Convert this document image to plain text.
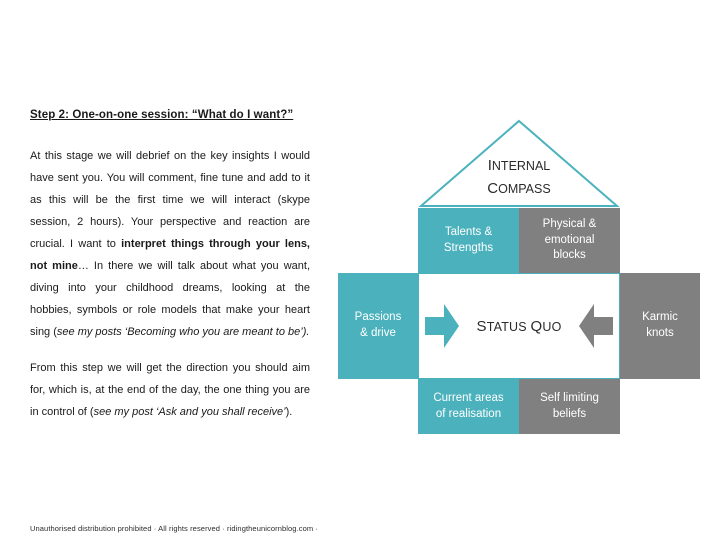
Step 2: One-on-one session: “What do I want?”

At this stage we will debrief on the key insights I would have sent you. You will comment, fine tune and add to it as this will be the first time we will interact (skype session, 2 hours). Your perspective and reaction are crucial. I want to interpret things through your lens, not mine… In there we will talk about what you want, diving into your childhood dreams, looking at the hobbies, symbols or role models that make your heart sing (see my posts ‘Becoming who you are meant to be’).

From this step we will get the direction you should aim for, which is, at the end of the day, the one thing you are in control of (see my post ‘Ask and you shall receive’).

Unauthorised distribution prohibited · All rights reserved · ridingtheunicornblog.com ·
INTERNAL
COMPASS
Talents &
Strengths
Physical &
emotional
blocks
Passions
& drive
Karmic
knots
Current areas
of realisation
Self limiting
beliefs
STATUS QUO
